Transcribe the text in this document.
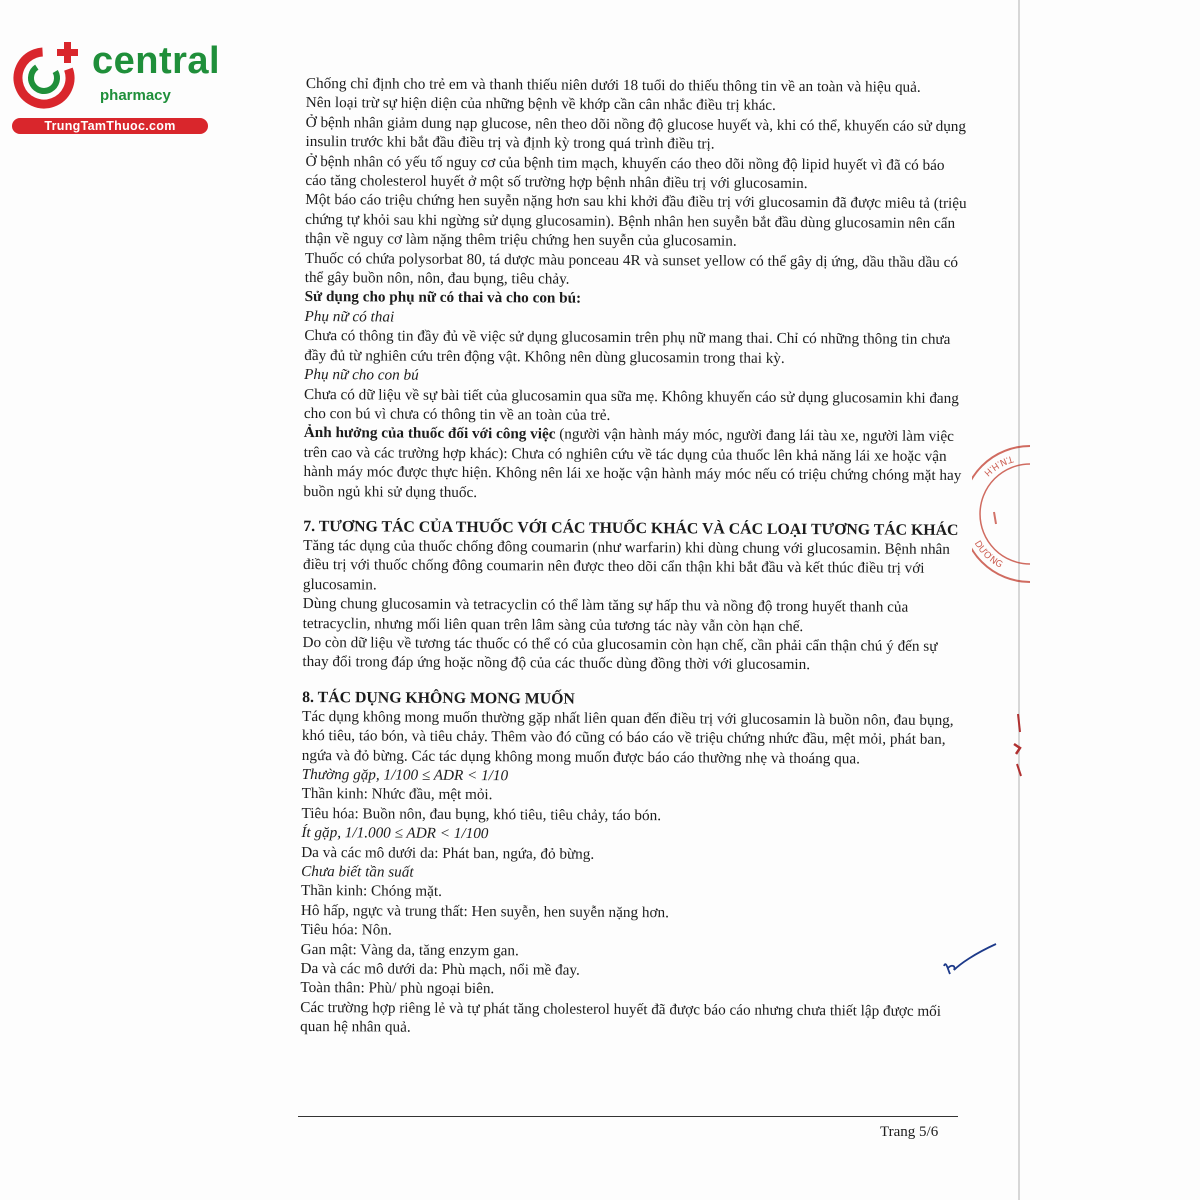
central
pharmacy
TrungTamThuoc.com

Chống chỉ định cho trẻ em và thanh thiếu niên dưới 18 tuổi do thiếu thông tin về an toàn và hiệu quả.

Nên loại trừ sự hiện diện của những bệnh về khớp cần cân nhắc điều trị khác.

Ở bệnh nhân giảm dung nạp glucose, nên theo dõi nồng độ glucose huyết và, khi có thể, khuyến cáo sử dụng insulin trước khi bắt đầu điều trị và định kỳ trong quá trình điều trị.

Ở bệnh nhân có yếu tố nguy cơ của bệnh tim mạch, khuyến cáo theo dõi nồng độ lipid huyết vì đã có báo cáo tăng cholesterol huyết ở một số trường hợp bệnh nhân điều trị với glucosamin.

Một báo cáo triệu chứng hen suyễn nặng hơn sau khi khởi đầu điều trị với glucosamin đã được miêu tả (triệu chứng tự khỏi sau khi ngừng sử dụng glucosamin). Bệnh nhân hen suyễn bắt đầu dùng glucosamin nên cẩn thận về nguy cơ làm nặng thêm triệu chứng hen suyễn của glucosamin.

Thuốc có chứa polysorbat 80, tá dược màu ponceau 4R và sunset yellow có thể gây dị ứng, dầu thầu dầu có thể gây buồn nôn, nôn, đau bụng, tiêu chảy.

Sử dụng cho phụ nữ có thai và cho con bú:

Phụ nữ có thai

Chưa có thông tin đầy đủ về việc sử dụng glucosamin trên phụ nữ mang thai. Chỉ có những thông tin chưa đầy đủ từ nghiên cứu trên động vật. Không nên dùng glucosamin trong thai kỳ.

Phụ nữ cho con bú

Chưa có dữ liệu về sự bài tiết của glucosamin qua sữa mẹ. Không khuyến cáo sử dụng glucosamin khi đang cho con bú vì chưa có thông tin về an toàn của trẻ.

Ảnh hưởng của thuốc đối với công việc (người vận hành máy móc, người đang lái tàu xe, người làm việc trên cao và các trường hợp khác): Chưa có nghiên cứu về tác dụng của thuốc lên khả năng lái xe hoặc vận hành máy móc được thực hiện. Không nên lái xe hoặc vận hành máy móc nếu có triệu chứng chóng mặt hay buồn ngủ khi sử dụng thuốc.

7. TƯƠNG TÁC CỦA THUỐC VỚI CÁC THUỐC KHÁC VÀ CÁC LOẠI TƯƠNG TÁC KHÁC

Tăng tác dụng của thuốc chống đông coumarin (như warfarin) khi dùng chung với glucosamin. Bệnh nhân điều trị với thuốc chống đông coumarin nên được theo dõi cẩn thận khi bắt đầu và kết thúc điều trị với glucosamin.

Dùng chung glucosamin và tetracyclin có thể làm tăng sự hấp thu và nồng độ trong huyết thanh của tetracyclin, nhưng mối liên quan trên lâm sàng của tương tác này vẫn còn hạn chế.

Do còn dữ liệu về tương tác thuốc có thể có của glucosamin còn hạn chế, cần phải cẩn thận chú ý đến sự thay đổi trong đáp ứng hoặc nồng độ của các thuốc dùng đồng thời với glucosamin.

8. TÁC DỤNG KHÔNG MONG MUỐN

Tác dụng không mong muốn thường gặp nhất liên quan đến điều trị với glucosamin là buồn nôn, đau bụng, khó tiêu, táo bón, và tiêu chảy. Thêm vào đó cũng có báo cáo về triệu chứng nhức đầu, mệt mỏi, phát ban, ngứa và đỏ bừng. Các tác dụng không mong muốn được báo cáo thường nhẹ và thoáng qua.

Thường gặp, 1/100 ≤ ADR < 1/10

Thần kinh: Nhức đầu, mệt mỏi.

Tiêu hóa: Buồn nôn, đau bụng, khó tiêu, tiêu chảy, táo bón.

Ít gặp, 1/1.000 ≤ ADR < 1/100

Da và các mô dưới da: Phát ban, ngứa, đỏ bừng.

Chưa biết tần suất

Thần kinh: Chóng mặt.

Hô hấp, ngực và trung thất: Hen suyễn, hen suyễn nặng hơn.

Tiêu hóa: Nôn.

Gan mật: Vàng da, tăng enzym gan.

Da và các mô dưới da: Phù mạch, nổi mề đay.

Toàn thân: Phù/ phù ngoại biên.

Các trường hợp riêng lẻ và tự phát tăng cholesterol huyết đã được báo cáo nhưng chưa thiết lập được mối quan hệ nhân quả.

Trang 5/6
T.N.H.H
DƯƠNG
